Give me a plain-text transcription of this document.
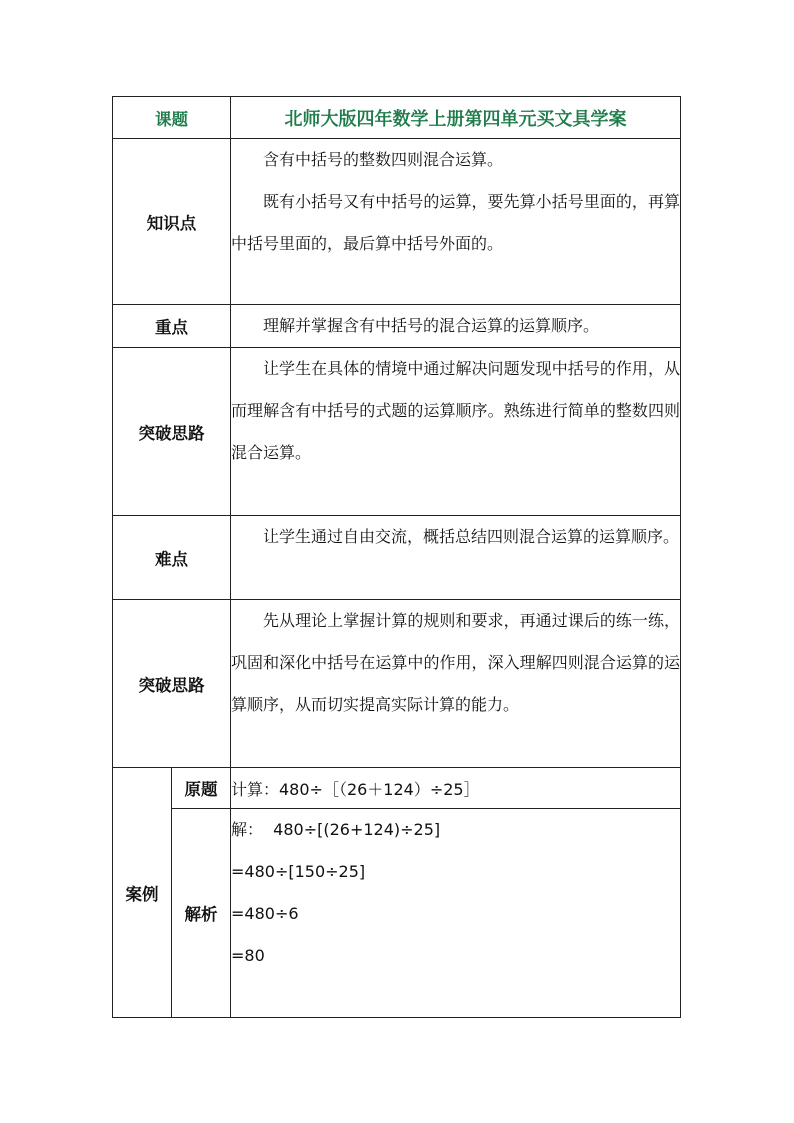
课题		北师大版四年数学上册第四单元买文具学案
知识点		含有中括号的整数四则混合运算。

既有小括号又有中括号的运算，要先算小括号里面的，再算中括号里面的，最后算中括号外面的。

重点		理解并掌握含有中括号的混合运算的运算顺序。

突破思路		让学生在具体的情境中通过解决问题发现中括号的作用，从而理解含有中括号的式题的运算顺序。熟练进行简单的整数四则混合运算。

难点		让学生通过自由交流，概括总结四则混合运算的运算顺序。

突破思路		先从理论上掌握计算的规则和要求，再通过课后的练一练，巩固和深化中括号在运算中的作用，深入理解四则混合运算的运算顺序，从而切实提高实际计算的能力。

案例	原题	计算：480÷［（26＋124）÷25］
	解析	解：  480÷[(26+124)÷25]
=480÷[150÷25]
=480÷6
=80
